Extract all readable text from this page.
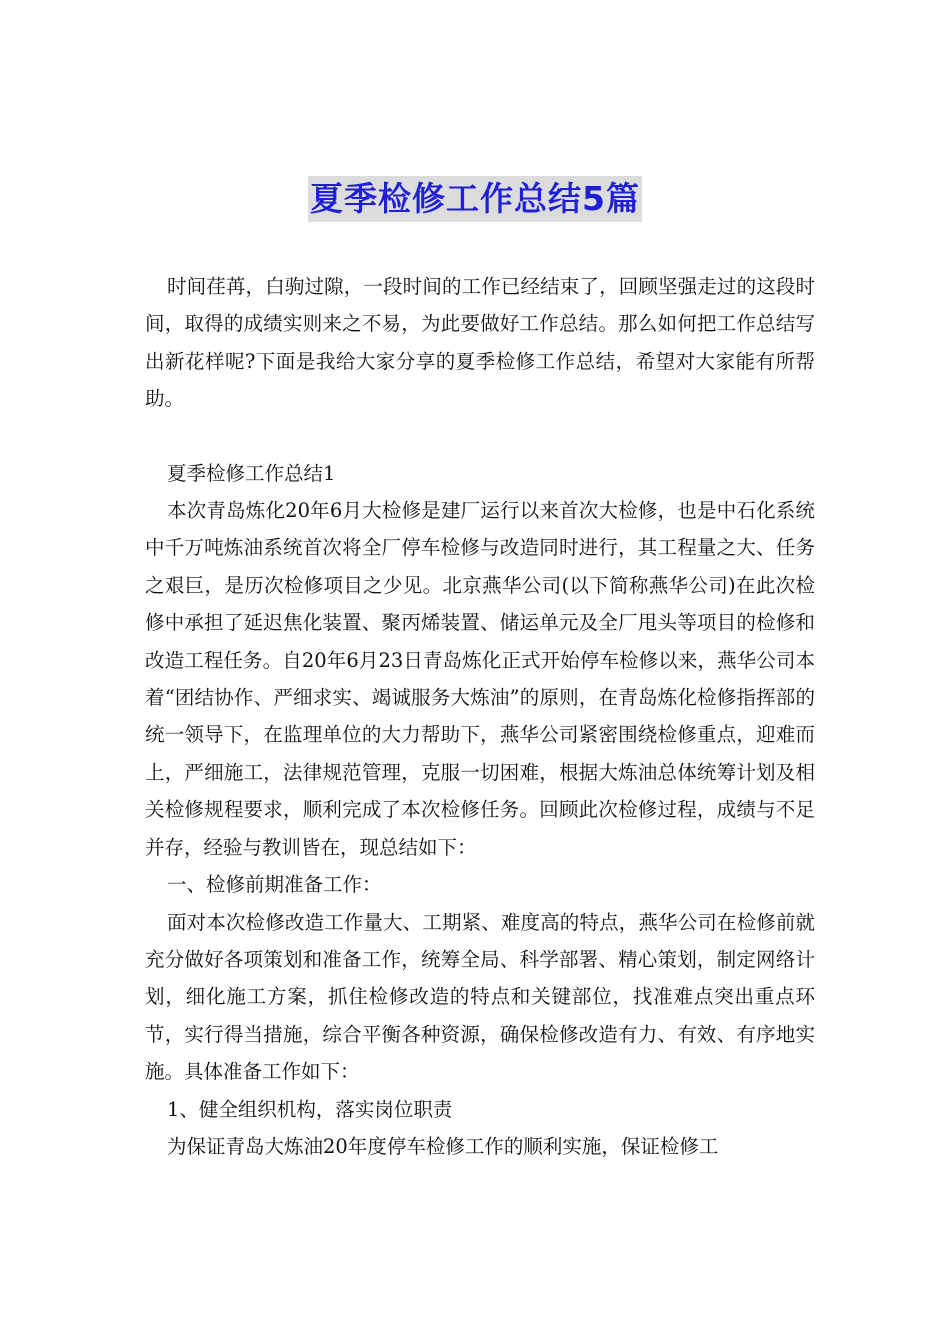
夏季检修工作总结5篇

时间荏苒，白驹过隙，一段时间的工作已经结束了，回顾坚强走过的这段时间，取得的成绩实则来之不易，为此要做好工作总结。那么如何把工作总结写出新花样呢?下面是我给大家分享的夏季检修工作总结，希望对大家能有所帮助。

夏季检修工作总结1

本次青岛炼化20年6月大检修是建厂运行以来首次大检修，也是中石化系统中千万吨炼油系统首次将全厂停车检修与改造同时进行，其工程量之大、任务之艰巨，是历次检修项目之少见。北京燕华公司(以下简称燕华公司)在此次检修中承担了延迟焦化装置、聚丙烯装置、储运单元及全厂甩头等项目的检修和改造工程任务。自20年6月23日青岛炼化正式开始停车检修以来，燕华公司本着“团结协作、严细求实、竭诚服务大炼油”的原则，在青岛炼化检修指挥部的统一领导下，在监理单位的大力帮助下，燕华公司紧密围绕检修重点，迎难而上，严细施工，法律规范管理，克服一切困难，根据大炼油总体统筹计划及相关检修规程要求，顺利完成了本次检修任务。回顾此次检修过程，成绩与不足并存，经验与教训皆在，现总结如下：

一、检修前期准备工作：

面对本次检修改造工作量大、工期紧、难度高的特点，燕华公司在检修前就充分做好各项策划和准备工作，统筹全局、科学部署、精心策划，制定网络计划，细化施工方案，抓住检修改造的特点和关键部位，找准难点突出重点环节，实行得当措施，综合平衡各种资源，确保检修改造有力、有效、有序地实施。具体准备工作如下：

1、健全组织机构，落实岗位职责

为保证青岛大炼油20年度停车检修工作的顺利实施，保证检修工
